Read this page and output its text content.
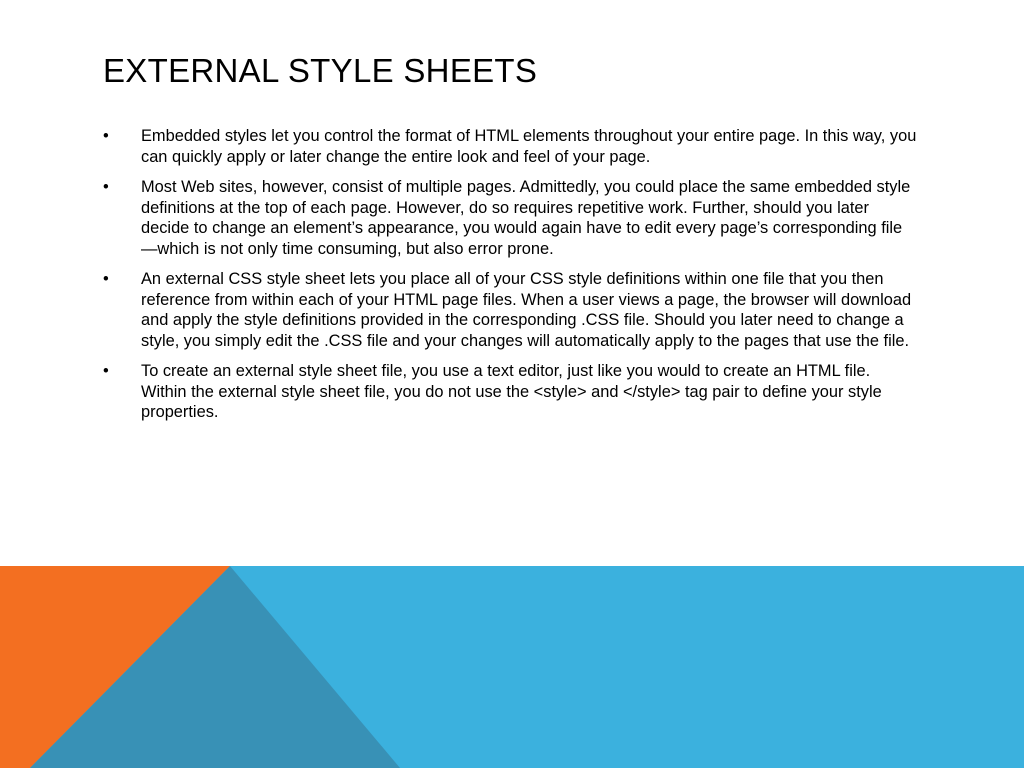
EXTERNAL STYLE SHEETS
•	Embedded styles let you control the format of HTML elements throughout your entire page. In this way, you can quickly apply or later change the entire look and feel of your page.
•	Most Web sites, however, consist of multiple pages. Admittedly, you could place the same embedded style definitions at the top of each page. However, do so requires repetitive work. Further, should you later decide to change an element’s appearance, you would again have to edit every page’s corresponding file—which is not only time consuming, but also error prone.
•	An external CSS style sheet lets you place all of your CSS style definitions within one file that you then reference from within each of your HTML page files. When a user views a page, the browser will download and apply the style definitions provided in the corresponding .CSS file. Should you later need to change a style, you simply edit the .CSS file and your changes will automatically apply to the pages that use the file.
•	To create an external style sheet file, you use a text editor, just like you would to create an HTML file. Within the external style sheet file, you do not use the <style> and </style> tag pair to define your style properties.
